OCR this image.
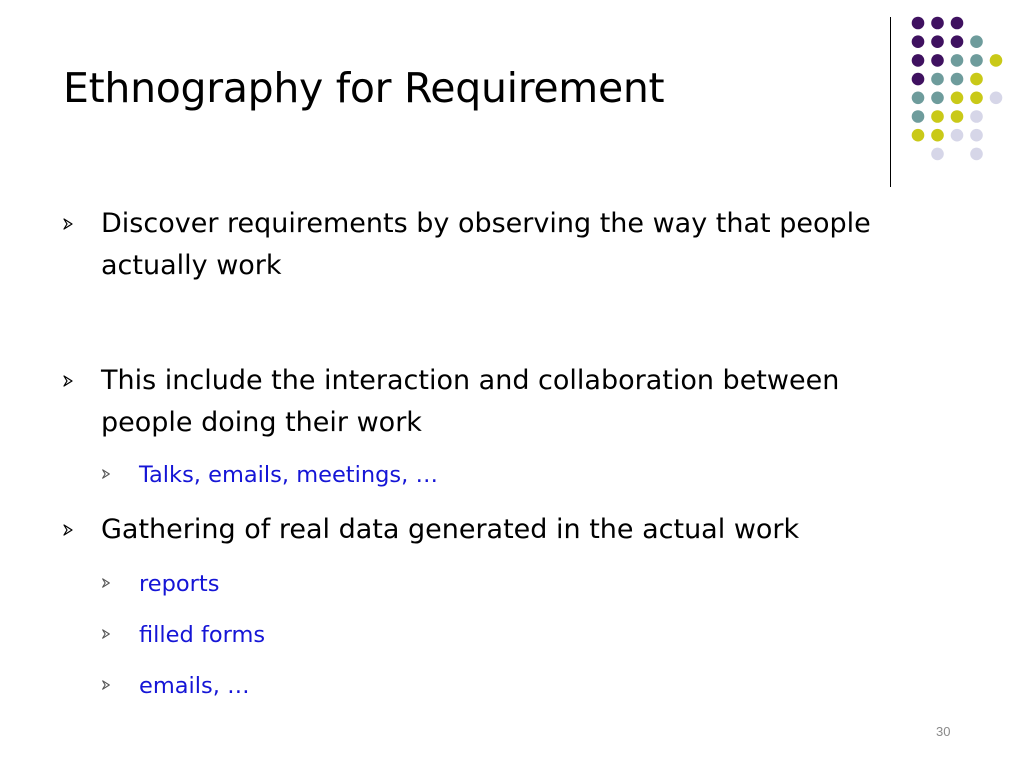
Ethnography for Requirement
Discover requirements by observing the way that people actually work
This include the interaction and collaboration between people doing their work
Talks, emails, meetings, …
Gathering of real data generated in the actual work
reports
filled forms
emails, …
30
